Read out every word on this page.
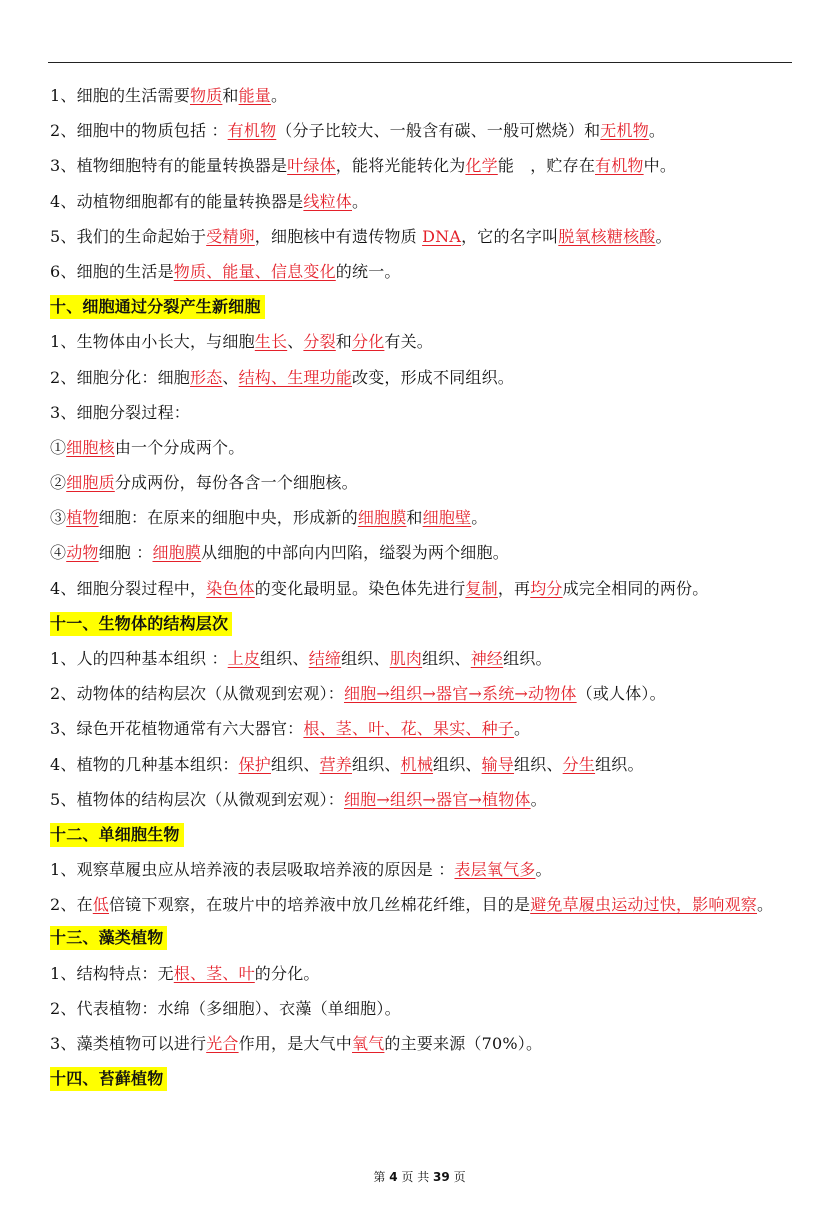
1、细胞的生活需要物质和能量。
2、细胞中的物质包括 ：有机物（分子比较大、一般含有碳、一般可燃烧）和无机物。
3、植物细胞特有的能量转换器是叶绿体，能将光能转化为化学能　，贮存在有机物中。
4、动植物细胞都有的能量转换器是线粒体。
5、我们的生命起始于受精卵，细胞核中有遗传物质 DNA，它的名字叫脱氧核糖核酸。
6、细胞的生活是物质、能量、信息变化的统一。
十、细胞通过分裂产生新细胞
1、生物体由小长大，与细胞生长、分裂和分化有关。
2、细胞分化：细胞形态、结构、生理功能改变，形成不同组织。
3、细胞分裂过程：
①细胞核由一个分成两个。
②细胞质分成两份，每份各含一个细胞核。
③植物细胞：在原来的细胞中央，形成新的细胞膜和细胞壁。
④动物细胞 ：细胞膜从细胞的中部向内凹陷，缢裂为两个细胞。
4、细胞分裂过程中，染色体的变化最明显。染色体先进行复制，再均分成完全相同的两份。
十一、生物体的结构层次
1、人的四种基本组织 ：上皮组织、结缔组织、肌肉组织、神经组织。
2、动物体的结构层次（从微观到宏观）：细胞→组织→器官→系统→动物体（或人体）。
3、绿色开花植物通常有六大器官：根、茎、叶、花、果实、种子。
4、植物的几种基本组织：保护组织、营养组织、机械组织、输导组织、分生组织。
5、植物体的结构层次（从微观到宏观）：细胞→组织→器官→植物体。
十二、单细胞生物
1、观察草履虫应从培养液的表层吸取培养液的原因是 ：表层氧气多。
2、在低倍镜下观察，在玻片中的培养液中放几丝棉花纤维，目的是避免草履虫运动过快，影响观察。
十三、藻类植物
1、结构特点：无根、茎、叶的分化。
2、代表植物：水绵（多细胞）、衣藻（单细胞）。
3、藻类植物可以进行光合作用，是大气中氧气的主要来源（70%）。
十四、苔藓植物
第 4 页 共 39 页
